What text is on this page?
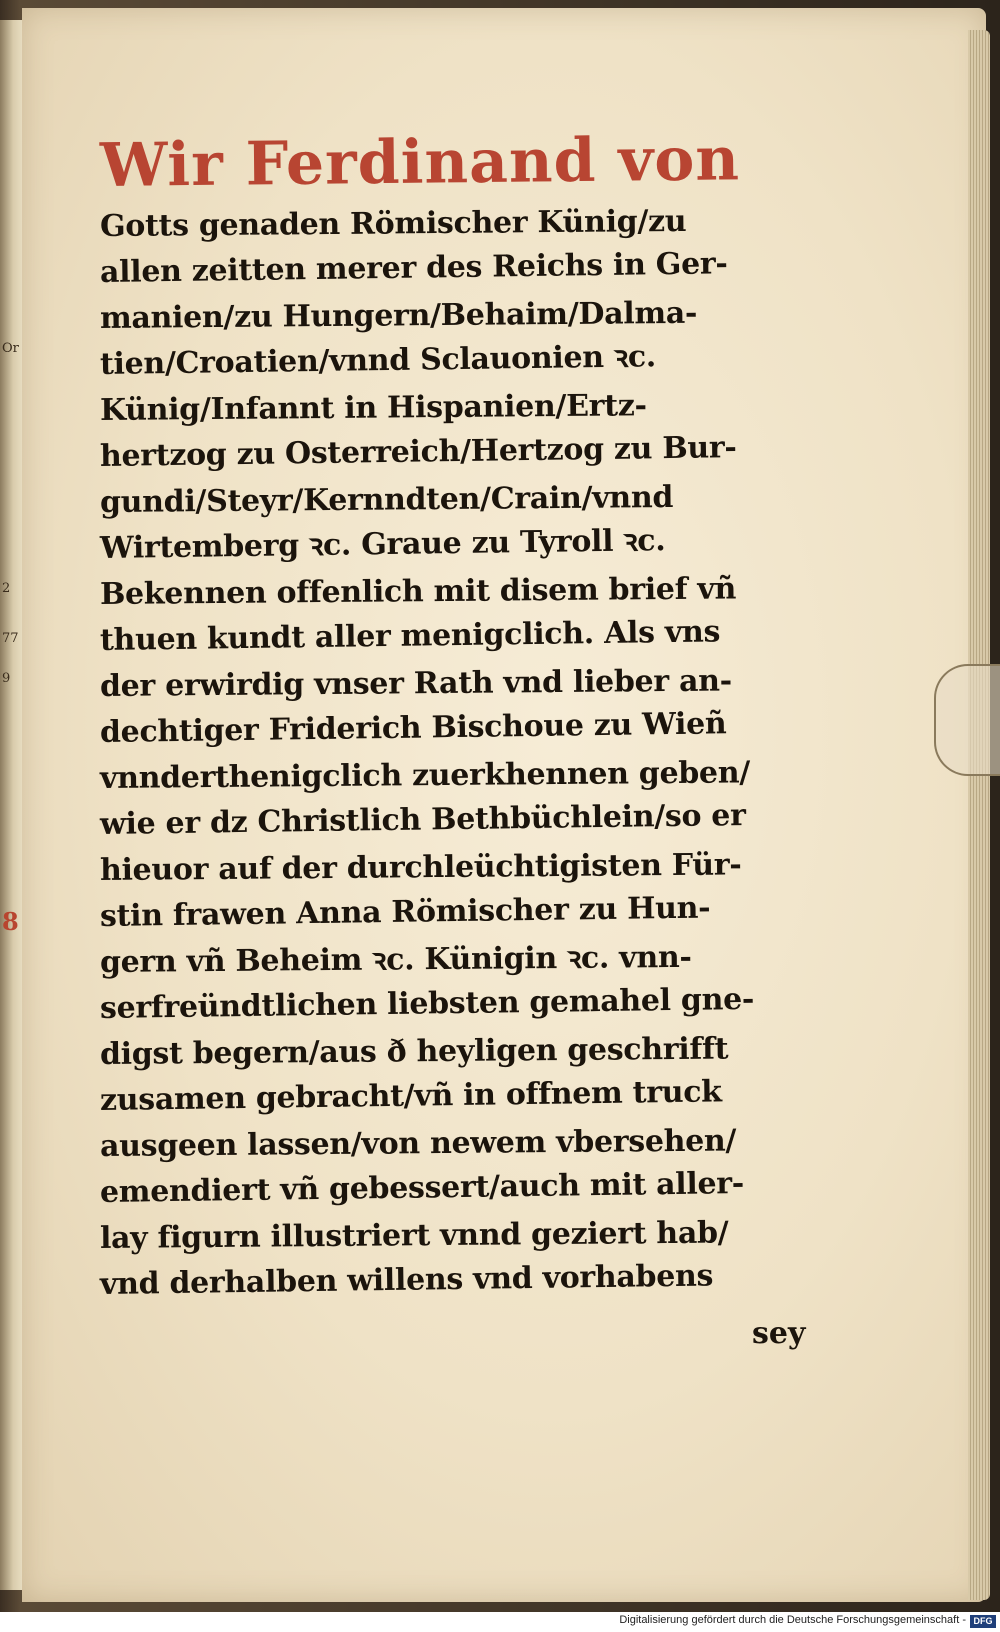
Or
2
77
9
8
Wir Ferdinand von
Gotts genaden Römischer Künig/zu
allen zeitten merer des Reichs in Ger-
manien/zu Hungern/Behaim/Dalma-
tien/Croatien/vnnd Sclauonien ꝛc.
Künig/Infannt in Hispanien/Ertz-
hertzog zu Osterreich/Hertzog zu Bur-
gundi/Steyr/Kernndten/Crain/vnnd
Wirtemberg ꝛc. Graue zu Tyroll ꝛc.
Bekennen offenlich mit disem brief vñ
thuen kundt aller menigclich. Als vns
der erwirdig vnser Rath vnd lieber an-
dechtiger Friderich Bischoue zu Wieñ
vnnderthenigclich zuerkhennen geben/
wie er dz Christlich Bethbüchlein/so er
hieuor auf der durchleüchtigisten Für-
stin frawen Anna Römischer zu Hun-
gern vñ Beheim ꝛc. Künigin ꝛc. vnn-
serfreündtlichen liebsten gemahel gne-
digst begern/aus ð heyligen geschrifft
zusamen gebracht/vñ in offnem truck
ausgeen lassen/von newem vbersehen/
emendiert vñ gebessert/auch mit aller-
lay figurn illustriert vnnd geziert hab/
vnd derhalben willens vnd vorhabens
sey
Digitalisierung gefördert durch die Deutsche Forschungsgemeinschaft - DFG
